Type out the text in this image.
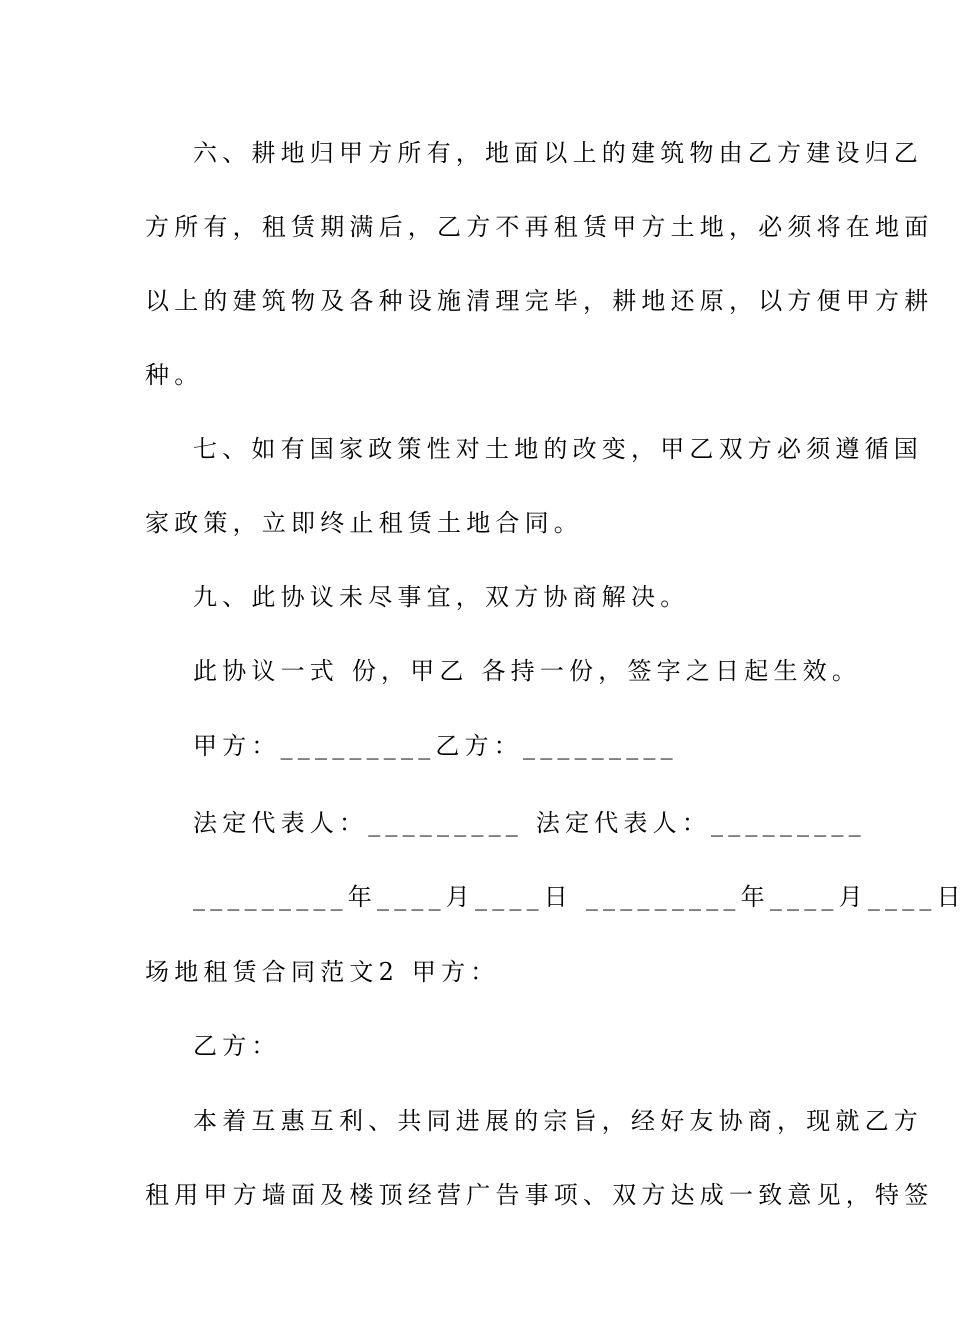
六、耕地归甲方所有，地面以上的建筑物由乙方建设归乙
方所有，租赁期满后，乙方不再租赁甲方土地，必须将在地面
以上的建筑物及各种设施清理完毕，耕地还原，以方便甲方耕
种。
七、如有国家政策性对土地的改变，甲乙双方必须遵循国
家政策，立即终止租赁土地合同。
九、此协议未尽事宜，双方协商解决。
此协议一式 份，甲乙 各持一份，签字之日起生效。
甲方：_________乙方：_________
法定代表人：_________ 法定代表人：_________
_________年____月____日 _________年____月____日
场地租赁合同范文2 甲方：
乙方：
本着互惠互利、共同进展的宗旨，经好友协商，现就乙方
租用甲方墙面及楼顶经营广告事项、双方达成一致意见，特签
